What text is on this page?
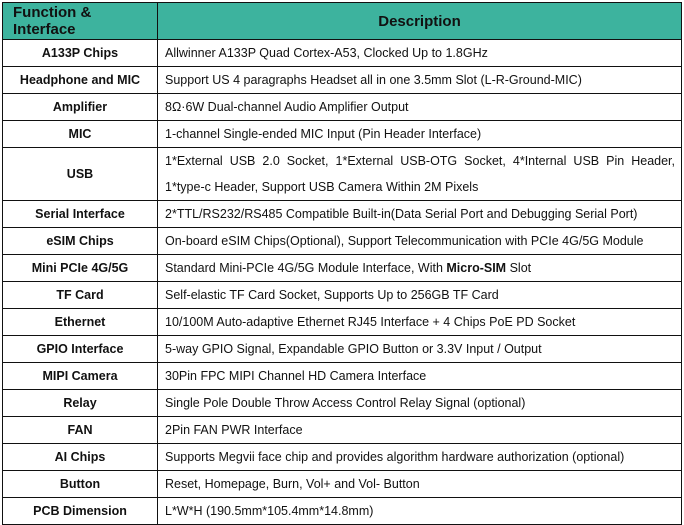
Function & Interface	Description
A133P Chips	Allwinner A133P Quad Cortex-A53, Clocked Up to 1.8GHz
Headphone and MIC	Support US 4 paragraphs Headset all in one 3.5mm Slot (L-R-Ground-MIC)
Amplifier	8Ω·6W Dual-channel Audio Amplifier Output
MIC	1-channel Single-ended MIC Input (Pin Header Interface)
USB	1*External USB 2.0 Socket, 1*External USB-OTG Socket, 4*Internal USB Pin Header, 1*type-c Header, Support USB Camera Within 2M Pixels
Serial Interface	2*TTL/RS232/RS485 Compatible Built-in(Data Serial Port and Debugging Serial Port)
eSIM Chips	On-board eSIM Chips(Optional), Support Telecommunication with PCIe 4G/5G Module
Mini PCIe 4G/5G	Standard Mini-PCIe 4G/5G Module Interface, With Micro-SIM Slot
TF Card	Self-elastic TF Card Socket, Supports Up to 256GB TF Card
Ethernet	10/100M Auto-adaptive Ethernet RJ45 Interface + 4 Chips PoE PD Socket
GPIO Interface	5-way GPIO Signal, Expandable GPIO Button or 3.3V Input / Output
MIPI Camera	30Pin FPC MIPI Channel HD Camera Interface
Relay	Single Pole Double Throw Access Control Relay Signal (optional)
FAN	2Pin FAN PWR Interface
AI Chips	Supports Megvii face chip and provides algorithm hardware authorization (optional)
Button	Reset, Homepage, Burn, Vol+ and Vol- Button
PCB Dimension	L*W*H (190.5mm*105.4mm*14.8mm)
